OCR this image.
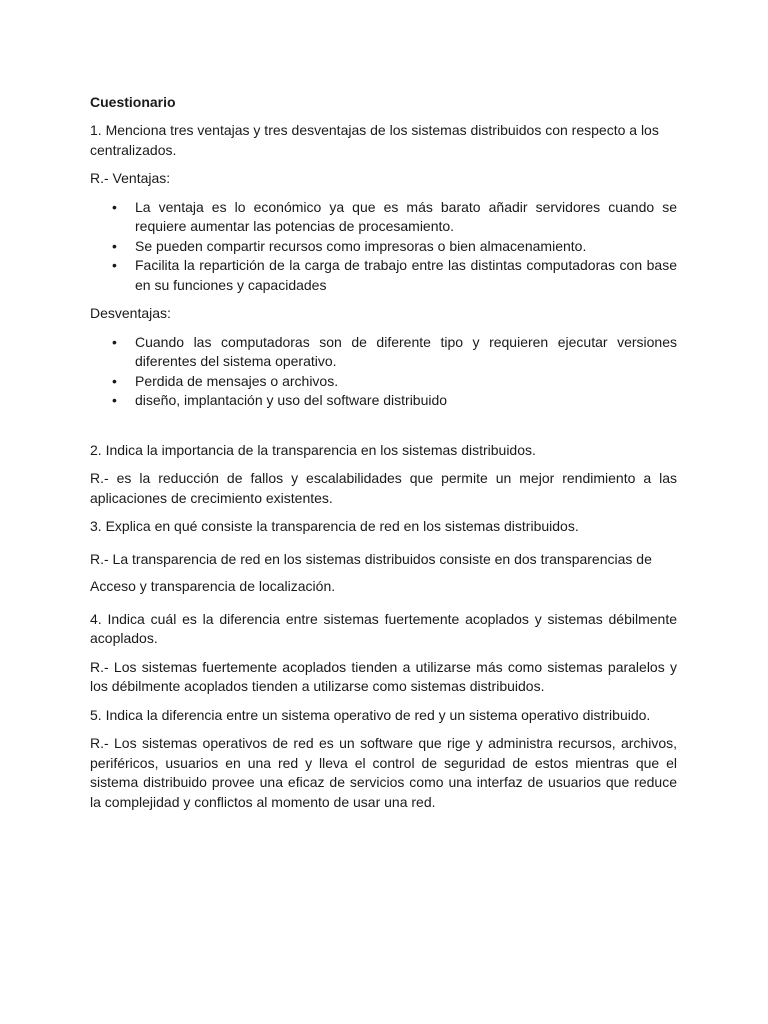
Cuestionario

1. Menciona tres ventajas y tres desventajas de los sistemas distribuidos con respecto a los centralizados.

R.- Ventajas:

• La ventaja es lo económico ya que es más barato añadir servidores cuando se requiere aumentar las potencias de procesamiento.
• Se pueden compartir recursos como impresoras o bien almacenamiento.
• Facilita la repartición de la carga de trabajo entre las distintas computadoras con base en su funciones y capacidades

Desventajas:

• Cuando las computadoras son de diferente tipo y requieren ejecutar versiones diferentes del sistema operativo.
• Perdida de mensajes o archivos.
• diseño, implantación y uso del software distribuido

2. Indica la importancia de la transparencia en los sistemas distribuidos.

R.- es la reducción de fallos y escalabilidades que permite un mejor rendimiento a las aplicaciones de crecimiento existentes.

3. Explica en qué consiste la transparencia de red en los sistemas distribuidos.

R.- La transparencia de red en los sistemas distribuidos consiste en dos transparencias de Acceso y transparencia de localización.

4. Indica cuál es la diferencia entre sistemas fuertemente acoplados y sistemas débilmente acoplados.

R.- Los sistemas fuertemente acoplados tienden a utilizarse más como sistemas paralelos y los débilmente acoplados tienden a utilizarse como sistemas distribuidos.

5. Indica la diferencia entre un sistema operativo de red y un sistema operativo distribuido.

R.- Los sistemas operativos de red es un software que rige y administra recursos, archivos, periféricos, usuarios en una red y lleva el control de seguridad de estos mientras que el sistema distribuido provee una eficaz de servicios como una interfaz de usuarios que reduce la complejidad y conflictos al momento de usar una red.
